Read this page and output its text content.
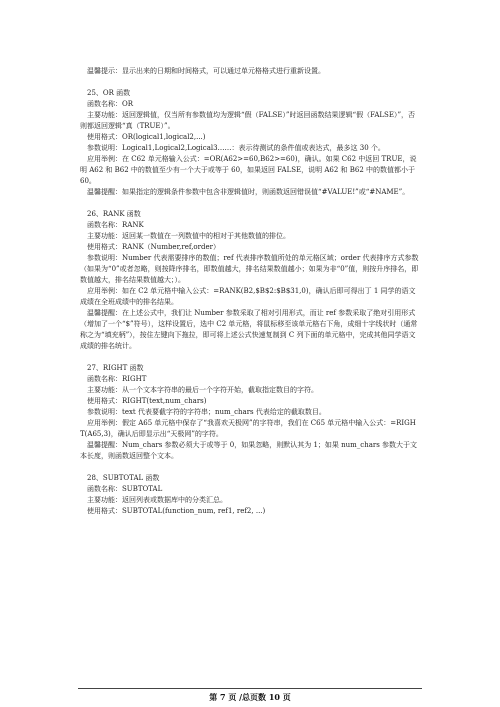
温馨提示：显示出来的日期和时间格式，可以通过单元格格式进行重新设置。

25、OR 函数

函数名称：OR

主要功能：返回逻辑值，仅当所有参数值均为逻辑“假（FALSE）”时返回函数结果逻辑“假（FALSE）”，否则都返回逻辑“真（TRUE）”。

使用格式：OR(logical1,logical2,...)

参数说明：Logical1,Logical2,Logical3……：表示待测试的条件值或表达式，最多这 30 个。

应用举例：在 C62 单元格输入公式：=OR(A62>=60,B62>=60)，确认。如果 C62 中返回 TRUE，说明 A62 和 B62 中的数值至少有一个大于或等于 60，如果返回 FALSE，说明 A62 和 B62 中的数值都小于 60。

温馨提醒：如果指定的逻辑条件参数中包含非逻辑值时，则函数返回错误值“#VALUE!”或“#NAME”。

26、RANK 函数

函数名称：RANK

主要功能：返回某一数值在一列数值中的相对于其他数值的排位。

使用格式：RANK（Number,ref,order）

参数说明：Number 代表需要排序的数值；ref 代表排序数值所处的单元格区域；order 代表排序方式参数（如果为“0”或者忽略，则按降序排名，即数值越大，排名结果数值越小；如果为非“0”值，则按升序排名，即数值越大，排名结果数值越大；）。

应用举例：如在 C2 单元格中输入公式：=RANK(B2,$B$2:$B$31,0)，确认后即可得出丁 1 同学的语文成绩在全班成绩中的排名结果。

温馨提醒：在上述公式中，我们让 Number 参数采取了相对引用形式，而让 ref 参数采取了绝对引用形式（增加了一个“$”符号），这样设置后，选中 C2 单元格，将鼠标移至该单元格右下角，成细十字线状时（通常称之为“填充柄”），按住左键向下拖拉，即可将上述公式快速复制到 C 列下面的单元格中，完成其他同学语文成绩的排名统计。

27、RIGHT 函数

函数名称：RIGHT

主要功能：从一个文本字符串的最后一个字符开始，截取指定数目的字符。

使用格式：RIGHT(text,num_chars)

参数说明：text 代表要截字符的字符串；num_chars 代表给定的截取数目。

应用举例：假定 A65 单元格中保存了“我喜欢天极网”的字符串，我们在 C65 单元格中输入公式：=RIGHT(A65,3)，确认后即显示出“天极网”的字符。

温馨提醒：Num_chars 参数必须大于或等于 0，如果忽略，则默认其为 1；如果 num_chars 参数大于文本长度，则函数返回整个文本。

28、SUBTOTAL 函数

函数名称：SUBTOTAL

主要功能：返回列表或数据库中的分类汇总。

使用格式：SUBTOTAL(function_num, ref1, ref2, ...)

第 7 页 /总页数 10 页
